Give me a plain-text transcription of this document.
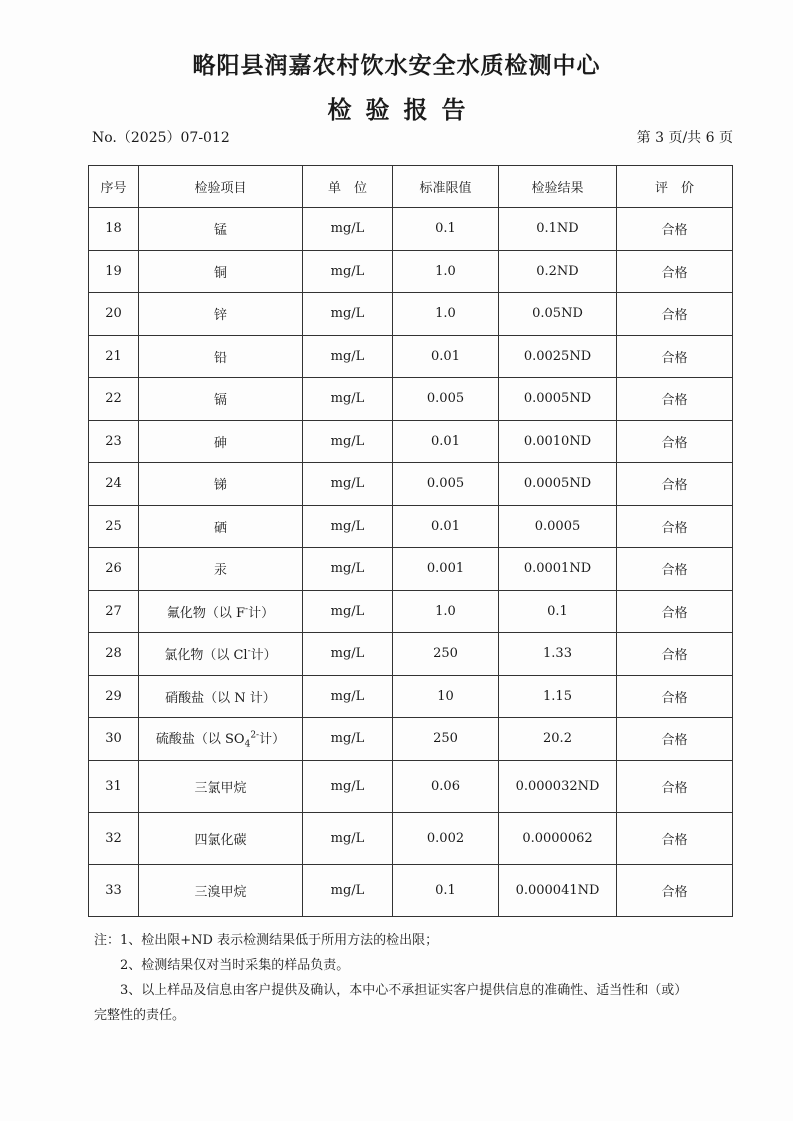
略阳县润嘉农村饮水安全水质检测中心
检验报告
No.（2025）07-012	第 3 页/共 6 页
序号	检验项目	单　位	标准限值	检验结果	评　价
18	锰	mg/L	0.1	0.1ND	合格
19	铜	mg/L	1.0	0.2ND	合格
20	锌	mg/L	1.0	0.05ND	合格
21	铅	mg/L	0.01	0.0025ND	合格
22	镉	mg/L	0.005	0.0005ND	合格
23	砷	mg/L	0.01	0.0010ND	合格
24	锑	mg/L	0.005	0.0005ND	合格
25	硒	mg/L	0.01	0.0005	合格
26	汞	mg/L	0.001	0.0001ND	合格
27	氟化物（以 F-计）	mg/L	1.0	0.1	合格
28	氯化物（以 Cl-计）	mg/L	250	1.33	合格
29	硝酸盐（以 N 计）	mg/L	10	1.15	合格
30	硫酸盐（以 $SO_4^{2-}$计）	mg/L	250	20.2	合格
31	三氯甲烷	mg/L	0.06	0.000032ND	合格
32	四氯化碳	mg/L	0.002	0.0000062	合格
33	三溴甲烷	mg/L	0.1	0.000041ND	合格
注：1、检出限+ND 表示检测结果低于所用方法的检出限；
2、检测结果仅对当时采集的样品负责。
3、以上样品及信息由客户提供及确认，本中心不承担证实客户提供信息的准确性、适当性和（或）
完整性的责任。
